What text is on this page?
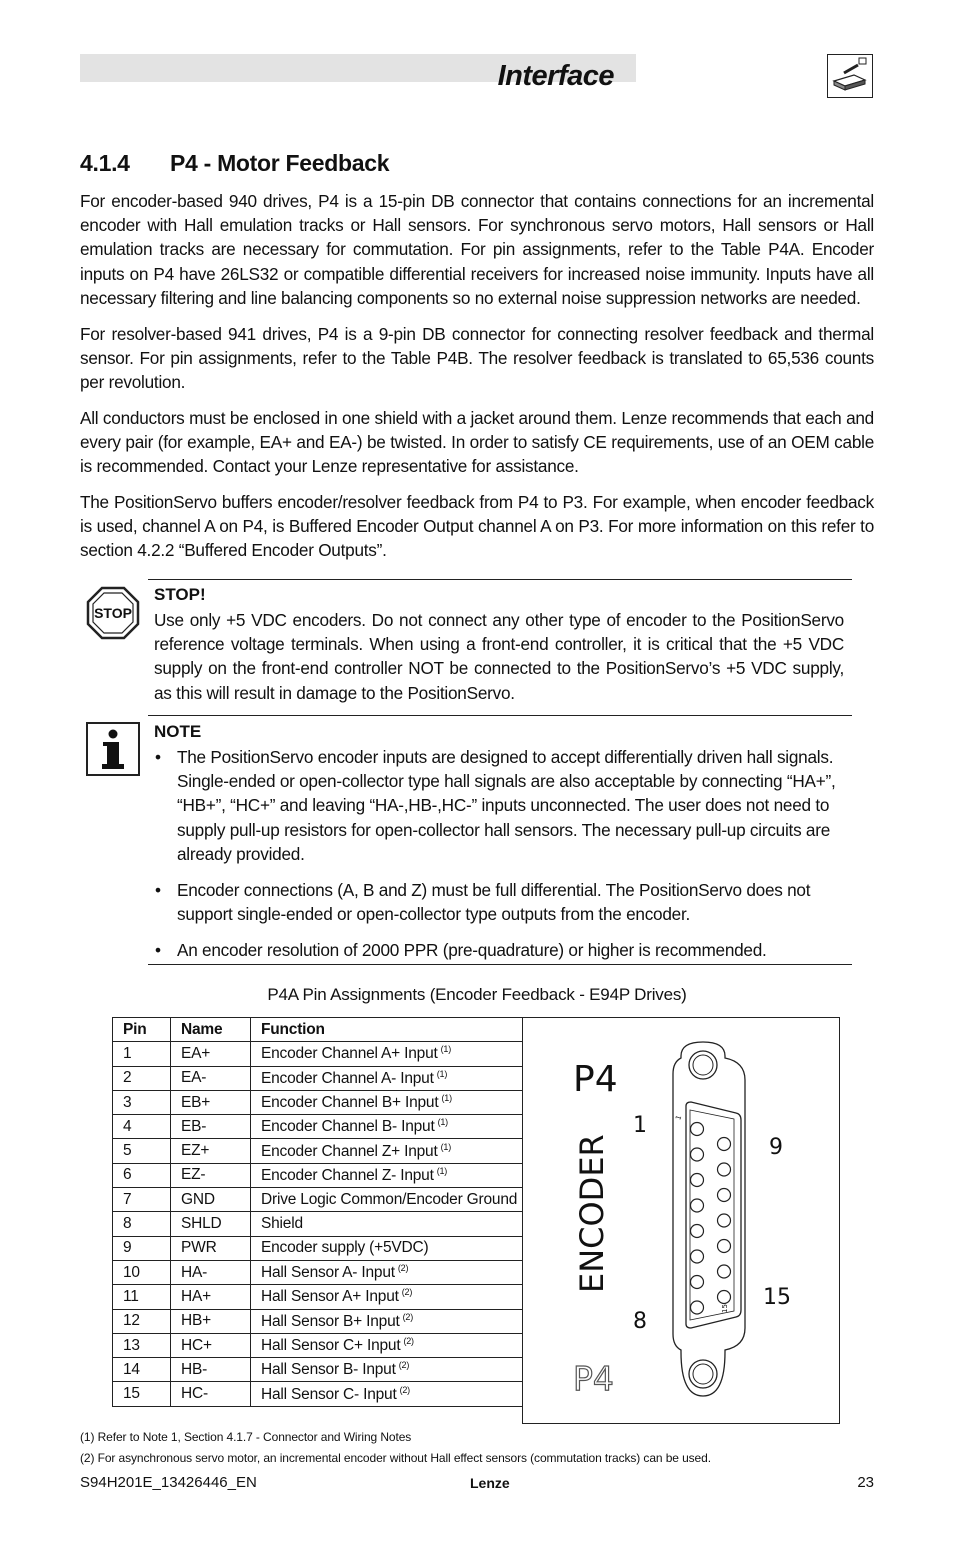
Interface
4.1.4 P4 - Motor Feedback
For encoder-based 940 drives, P4 is a 15-pin DB connector that contains connections for an incremental encoder with Hall emulation tracks or Hall sensors. For synchronous servo motors, Hall sensors or Hall emulation tracks are necessary for commutation. For pin assignments, refer to the Table P4A. Encoder inputs on P4 have 26LS32 or compatible differential receivers for increased noise immunity. Inputs have all necessary filtering and line balancing components so no external noise suppression networks are needed.
For resolver-based 941 drives, P4 is a 9-pin DB connector for connecting resolver feedback and thermal sensor. For pin assignments, refer to the Table P4B. The resolver feedback is translated to 65,536 counts per revolution.
All conductors must be enclosed in one shield with a jacket around them. Lenze recommends that each and every pair (for example, EA+ and EA-) be twisted. In order to satisfy CE requirements, use of an OEM cable is recommended. Contact your Lenze representative for assistance.
The PositionServo buffers encoder/resolver feedback from P4 to P3. For example, when encoder feedback is used, channel A on P4, is Buffered Encoder Output channel A on P3. For more information on this refer to section 4.2.2 “Buffered Encoder Outputs”.
STOP
STOP!
Use only +5 VDC encoders. Do not connect any other type of encoder to the PositionServo reference voltage terminals. When using a front-end controller, it is critical that the +5 VDC supply on the front-end controller NOT be connected to the PositionServo’s +5 VDC supply, as this will result in damage to the PositionServo.
NOTE
• The PositionServo encoder inputs are designed to accept differentially driven hall signals. Single-ended or open-collector type hall signals are also acceptable by connecting “HA+”, “HB+”, “HC+” and leaving “HA-,HB-,HC-” inputs unconnected. The user does not need to supply pull-up resistors for open-collector hall sensors. The necessary pull-up circuits are already provided.
• Encoder connections (A, B and Z) must be full differential. The PositionServo does not support single-ended or open-collector type outputs from the encoder.
• An encoder resolution of 2000 PPR (pre-quadrature) or higher is recommended.
P4A Pin Assignments (Encoder Feedback - E94P Drives)
Pin	Name	Function
1	EA+	Encoder Channel A+ Input $^{(1)}$
2	EA-	Encoder Channel A- Input $^{(1)}$
3	EB+	Encoder Channel B+ Input $^{(1)}$
4	EB-	Encoder Channel B- Input $^{(1)}$
5	EZ+	Encoder Channel Z+ Input $^{(1)}$
6	EZ-	Encoder Channel Z- Input $^{(1)}$
7	GND	Drive Logic Common/Encoder Ground
8	SHLD	Shield
9	PWR	Encoder supply (+5VDC)
10	HA-	Hall Sensor A- Input $^{(2)}$
11	HA+	Hall Sensor A+ Input $^{(2)}$
12	HB+	Hall Sensor B+ Input $^{(2)}$
13	HC+	Hall Sensor C+ Input $^{(2)}$
14	HB-	Hall Sensor B- Input $^{(2)}$
15	HC-	Hall Sensor C- Input $^{(2)}$
P4
ENCODER
P4
1
8
9
15
1
15
(1) Refer to Note 1, Section 4.1.7 - Connector and Wiring Notes
(2) For asynchronous servo motor, an incremental encoder without Hall effect sensors (commutation tracks) can be used.
S94H201E_13426446_EN	Lenze	23
